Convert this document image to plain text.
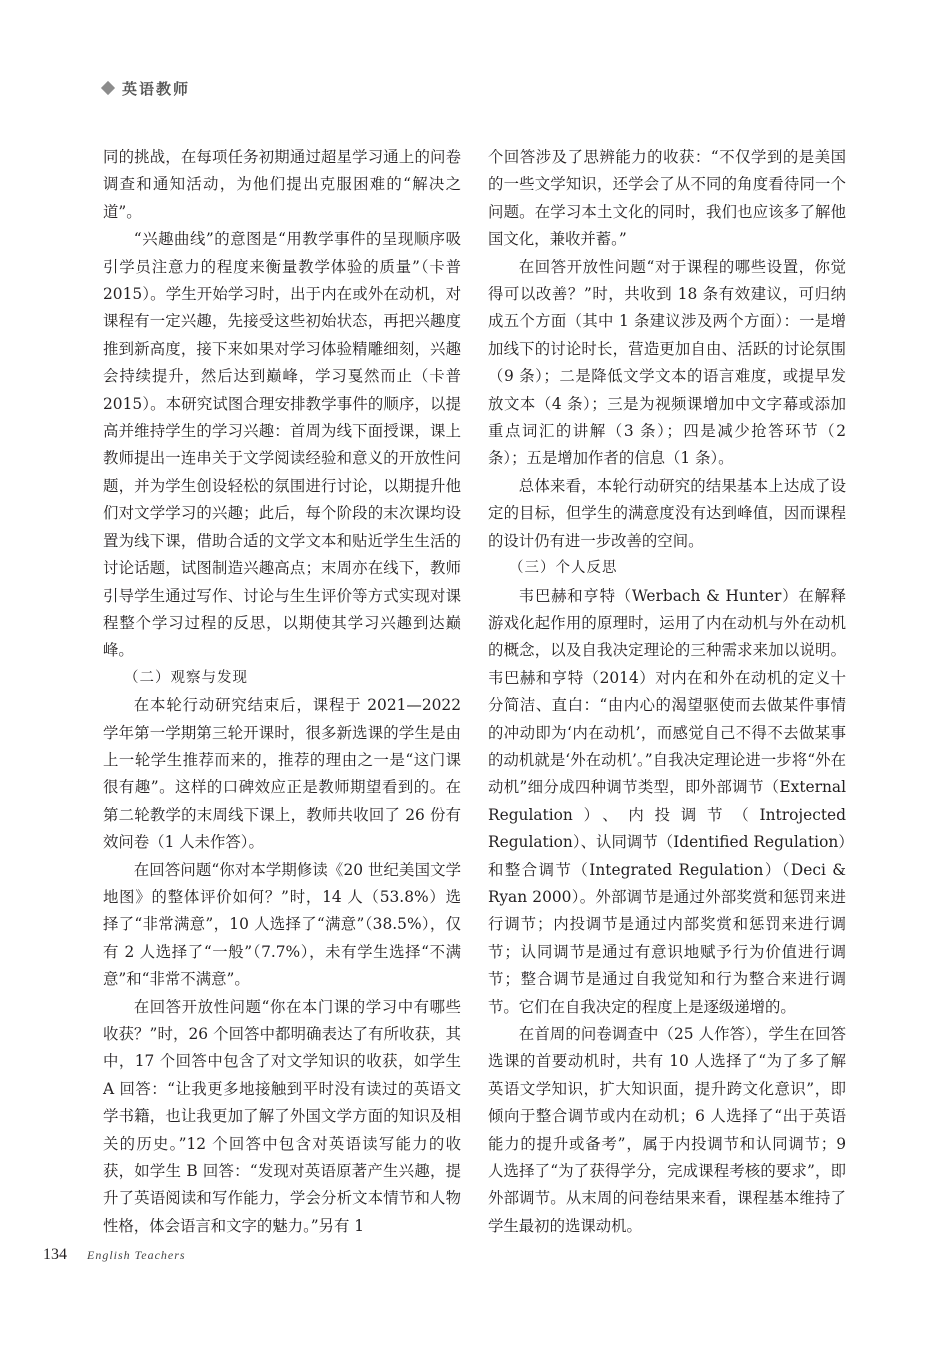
英语教师

同的挑战，在每项任务初期通过超星学习通上的问卷调查和通知活动，为他们提出克服困难的“解决之道”。

“兴趣曲线”的意图是“用教学事件的呈现顺序吸引学员注意力的程度来衡量教学体验的质量”（卡普 2015）。学生开始学习时，出于内在或外在动机，对课程有一定兴趣，先接受这些初始状态，再把兴趣度推到新高度，接下来如果对学习体验精雕细刻，兴趣会持续提升，然后达到巅峰，学习戛然而止（卡普 2015）。本研究试图合理安排教学事件的顺序，以提高并维持学生的学习兴趣：首周为线下面授课，课上教师提出一连串关于文学阅读经验和意义的开放性问题，并为学生创设轻松的氛围进行讨论，以期提升他们对文学学习的兴趣；此后，每个阶段的末次课均设置为线下课，借助合适的文学文本和贴近学生生活的讨论话题，试图制造兴趣高点；末周亦在线下，教师引导学生通过写作、讨论与生生评价等方式实现对课程整个学习过程的反思，以期使其学习兴趣到达巅峰。

（二）观察与发现

在本轮行动研究结束后，课程于 2021—2022 学年第一学期第三轮开课时，很多新选课的学生是由上一轮学生推荐而来的，推荐的理由之一是“这门课很有趣”。这样的口碑效应正是教师期望看到的。在第二轮教学的末周线下课上，教师共收回了 26 份有效问卷（1 人未作答）。

在回答问题“你对本学期修读《20 世纪美国文学地图》的整体评价如何？”时，14 人（53.8%）选择了“非常满意”，10 人选择了“满意”（38.5%），仅有 2 人选择了“一般”（7.7%），未有学生选择“不满意”和“非常不满意”。

在回答开放性问题“你在本门课的学习中有哪些收获？”时，26 个回答中都明确表达了有所收获，其中，17 个回答中包含了对文学知识的收获，如学生 A 回答：“让我更多地接触到平时没有读过的英语文学书籍，也让我更加了解了外国文学方面的知识及相关的历史。”12 个回答中包含对英语读写能力的收获，如学生 B 回答：“发现对英语原著产生兴趣，提升了英语阅读和写作能力，学会分析文本情节和人物性格，体会语言和文字的魅力。”另有 1

个回答涉及了思辨能力的收获：“不仅学到的是美国的一些文学知识，还学会了从不同的角度看待同一个问题。在学习本土文化的同时，我们也应该多了解他国文化，兼收并蓄。”

在回答开放性问题“对于课程的哪些设置，你觉得可以改善？”时，共收到 18 条有效建议，可归纳成五个方面（其中 1 条建议涉及两个方面）：一是增加线下的讨论时长，营造更加自由、活跃的讨论氛围（9 条）；二是降低文学文本的语言难度，或提早发放文本（4 条）；三是为视频课增加中文字幕或添加重点词汇的讲解（3 条）；四是减少抢答环节（2 条）；五是增加作者的信息（1 条）。

总体来看，本轮行动研究的结果基本上达成了设定的目标，但学生的满意度没有达到峰值，因而课程的设计仍有进一步改善的空间。

（三）个人反思

韦巴赫和亨特（Werbach & Hunter）在解释游戏化起作用的原理时，运用了内在动机与外在动机的概念，以及自我决定理论的三种需求来加以说明。韦巴赫和亨特（2014）对内在和外在动机的定义十分简洁、直白：“由内心的渴望驱使而去做某件事情的冲动即为‘内在动机’，而感觉自己不得不去做某事的动机就是‘外在动机’。”自我决定理论进一步将“外在动机”细分成四种调节类型，即外部调节（External Regulation）、内投调节（Introjected Regulation）、认同调节（Identified Regulation）和整合调节（Integrated Regulation）（Deci & Ryan 2000）。外部调节是通过外部奖赏和惩罚来进行调节；内投调节是通过内部奖赏和惩罚来进行调节；认同调节是通过有意识地赋予行为价值进行调节；整合调节是通过自我觉知和行为整合来进行调节。它们在自我决定的程度上是逐级递增的。

在首周的问卷调查中（25 人作答），学生在回答选课的首要动机时，共有 10 人选择了“为了多了解英语文学知识，扩大知识面，提升跨文化意识”，即倾向于整合调节或内在动机；6 人选择了“出于英语能力的提升或备考”，属于内投调节和认同调节；9 人选择了“为了获得学分，完成课程考核的要求”，即外部调节。从末周的问卷结果来看，课程基本维持了学生最初的选课动机。

134 English Teachers
